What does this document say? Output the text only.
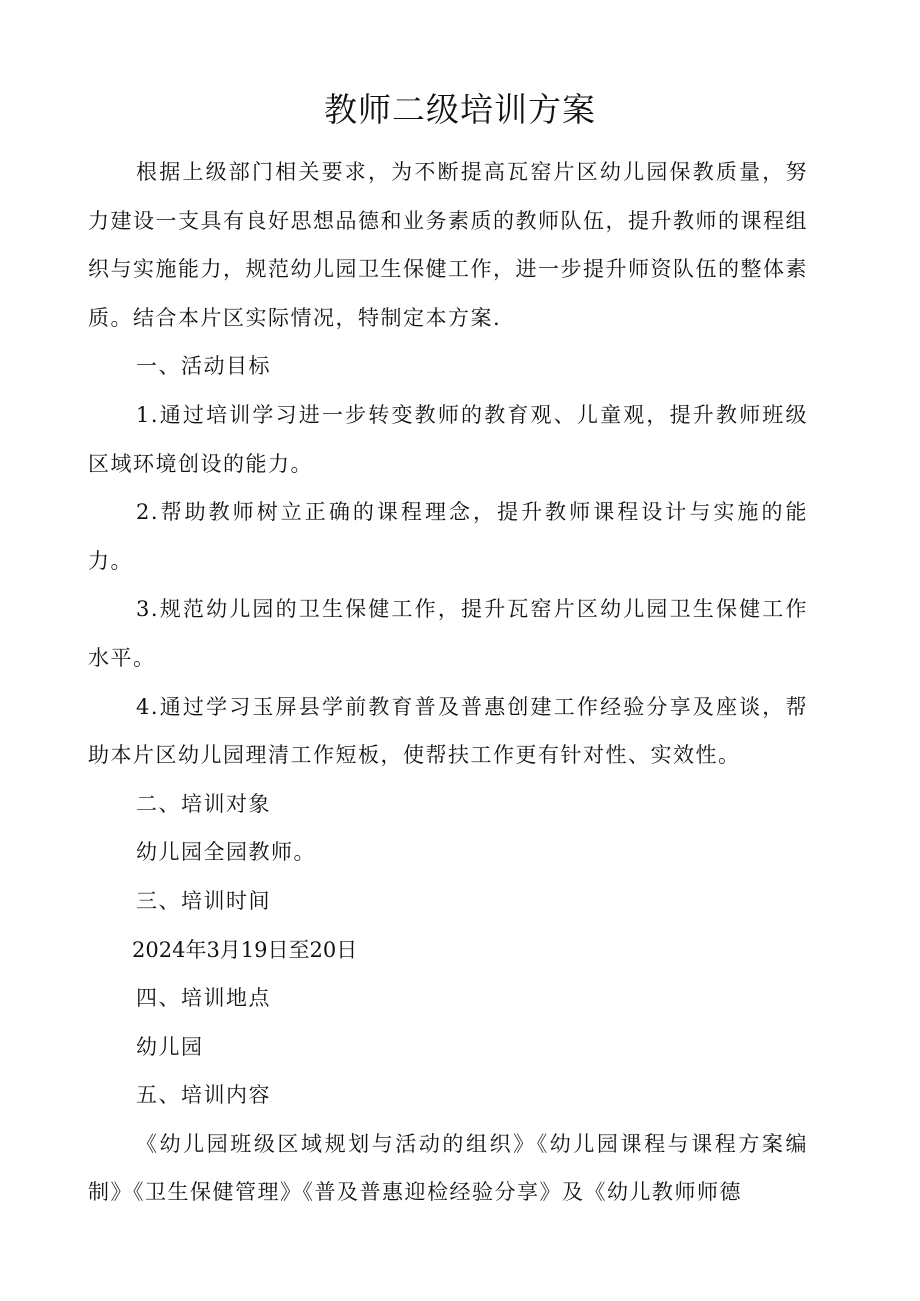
教师二级培训方案

根据上级部门相关要求，为不断提高瓦窑片区幼儿园保教质量，努力建设一支具有良好思想品德和业务素质的教师队伍，提升教师的课程组织与实施能力，规范幼儿园卫生保健工作，进一步提升师资队伍的整体素质。结合本片区实际情况，特制定本方案.

一、活动目标

1.通过培训学习进一步转变教师的教育观、儿童观，提升教师班级区域环境创设的能力。

2.帮助教师树立正确的课程理念，提升教师课程设计与实施的能力。

3.规范幼儿园的卫生保健工作，提升瓦窑片区幼儿园卫生保健工作水平。

4.通过学习玉屏县学前教育普及普惠创建工作经验分享及座谈，帮助本片区幼儿园理清工作短板，使帮扶工作更有针对性、实效性。

二、培训对象

幼儿园全园教师。

三、培训时间

2024年3月19日至20日

四、培训地点

幼儿园

五、培训内容

《幼儿园班级区域规划与活动的组织》《幼儿园课程与课程方案编制》《卫生保健管理》《普及普惠迎检经验分享》及《幼儿教师师德
